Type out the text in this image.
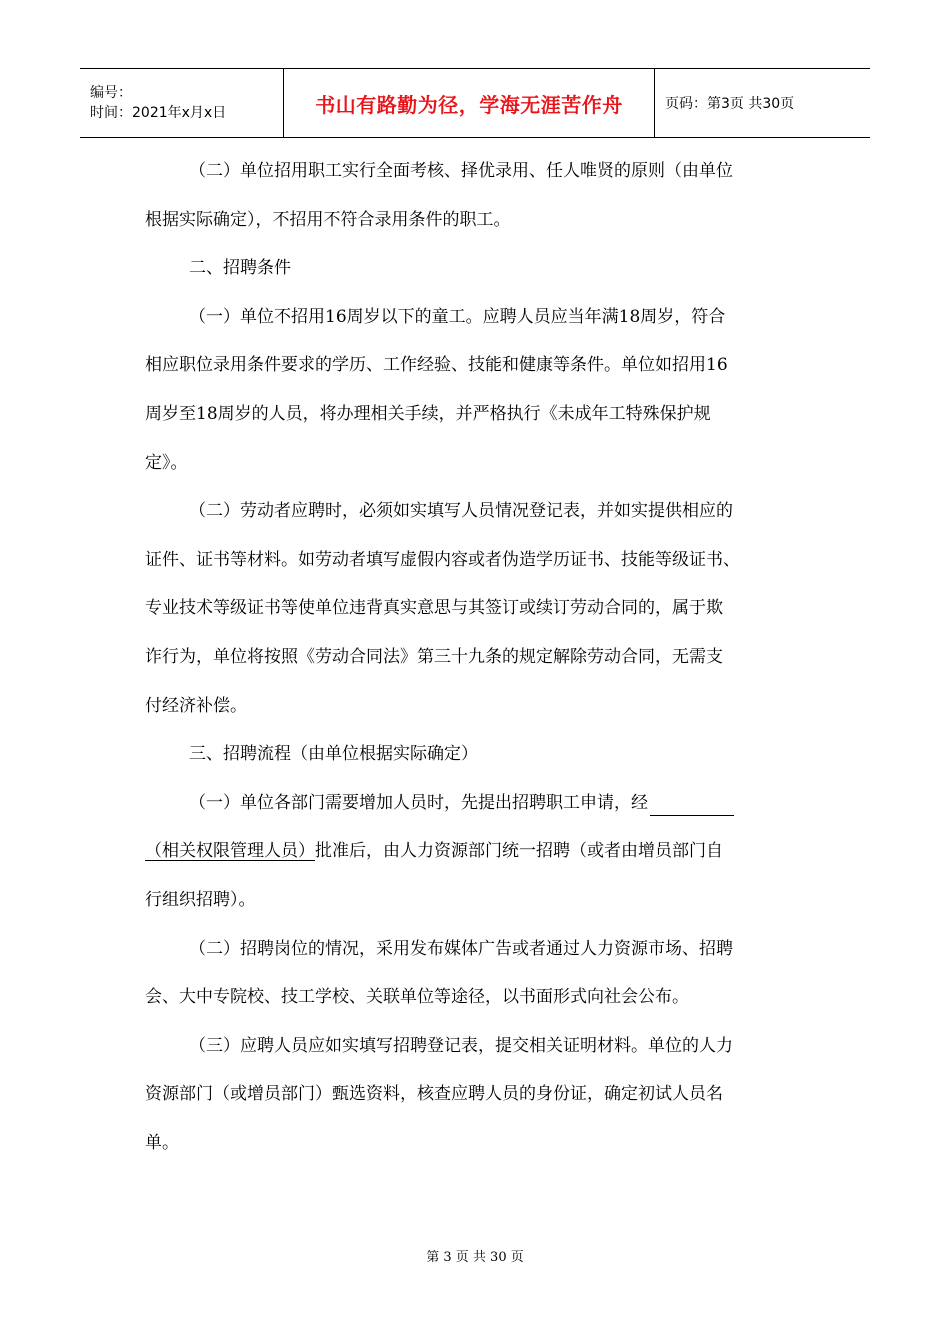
编号：
时间：2021年x月x日	书山有路勤为径，学海无涯苦作舟	页码：第3页 共30页
（二）单位招用职工实行全面考核、择优录用、任人唯贤的原则（由单位
根据实际确定），不招用不符合录用条件的职工。
二、招聘条件
（一）单位不招用16周岁以下的童工。应聘人员应当年满18周岁，符合
相应职位录用条件要求的学历、工作经验、技能和健康等条件。单位如招用16
周岁至18周岁的人员，将办理相关手续，并严格执行《未成年工特殊保护规
定》。
（二）劳动者应聘时，必须如实填写人员情况登记表，并如实提供相应的
证件、证书等材料。如劳动者填写虚假内容或者伪造学历证书、技能等级证书、
专业技术等级证书等使单位违背真实意思与其签订或续订劳动合同的，属于欺
诈行为，单位将按照《劳动合同法》第三十九条的规定解除劳动合同，无需支
付经济补偿。
三、招聘流程（由单位根据实际确定）
（一）单位各部门需要增加人员时，先提出招聘职工申请，经
（相关权限管理人员）批准后，由人力资源部门统一招聘（或者由增员部门自
行组织招聘）。
（二）招聘岗位的情况，采用发布媒体广告或者通过人力资源市场、招聘
会、大中专院校、技工学校、关联单位等途径，以书面形式向社会公布。
（三）应聘人员应如实填写招聘登记表，提交相关证明材料。单位的人力
资源部门（或增员部门）甄选资料，核查应聘人员的身份证，确定初试人员名
单。
第 3 页 共 30 页
